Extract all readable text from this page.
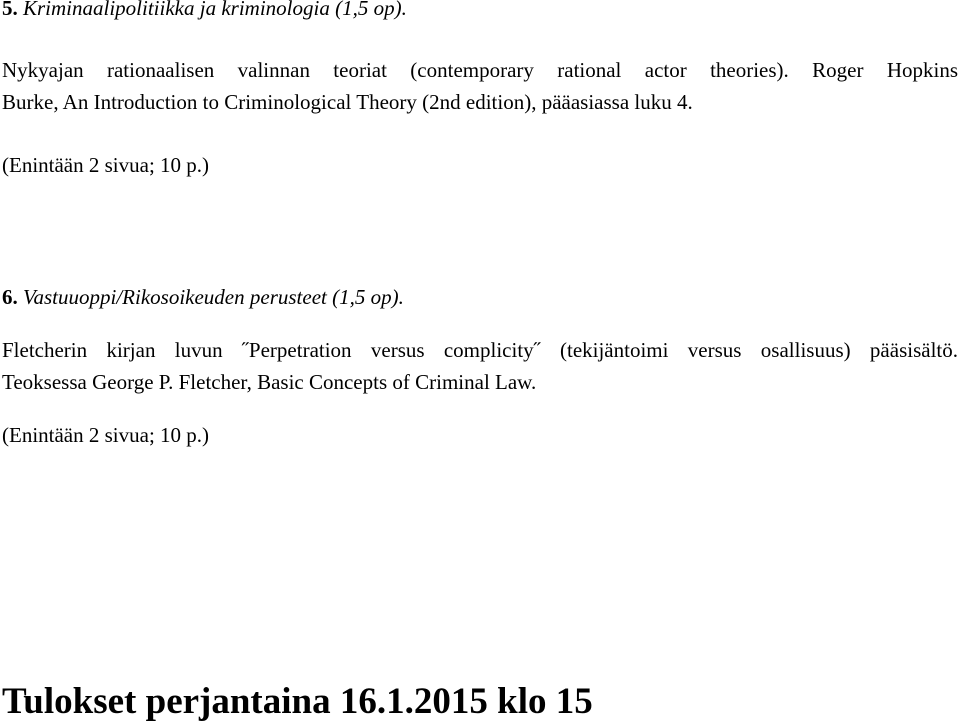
5. Kriminaalipolitiikka ja kriminologia (1,5 op).

Nykyajan rationaalisen valinnan teoriat (contemporary rational actor theories). Roger Hopkins

Burke, An Introduction to Criminological Theory (2nd edition), pääasiassa luku 4.

(Enintään 2 sivua; 10 p.)

6. Vastuuoppi/Rikosoikeuden perusteet (1,5 op).

Fletcherin kirjan luvun ˝Perpetration versus complicity˝ (tekijäntoimi versus osallisuus) pääsisältö.

Teoksessa George P. Fletcher, Basic Concepts of Criminal Law.

(Enintään 2 sivua; 10 p.)

Tulokset perjantaina 16.1.2015 klo 15
